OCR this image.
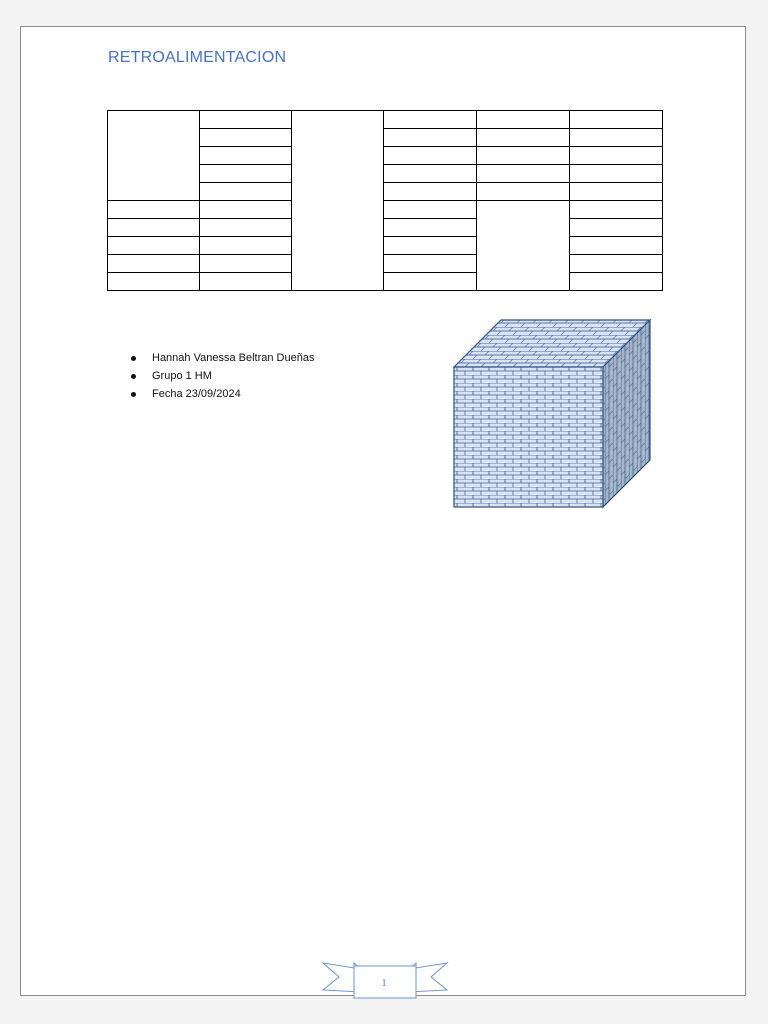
RETROALIMENTACION

Hannah Vanessa Beltran Dueñas
Grupo 1 HM
Fecha 23/09/2024
1
